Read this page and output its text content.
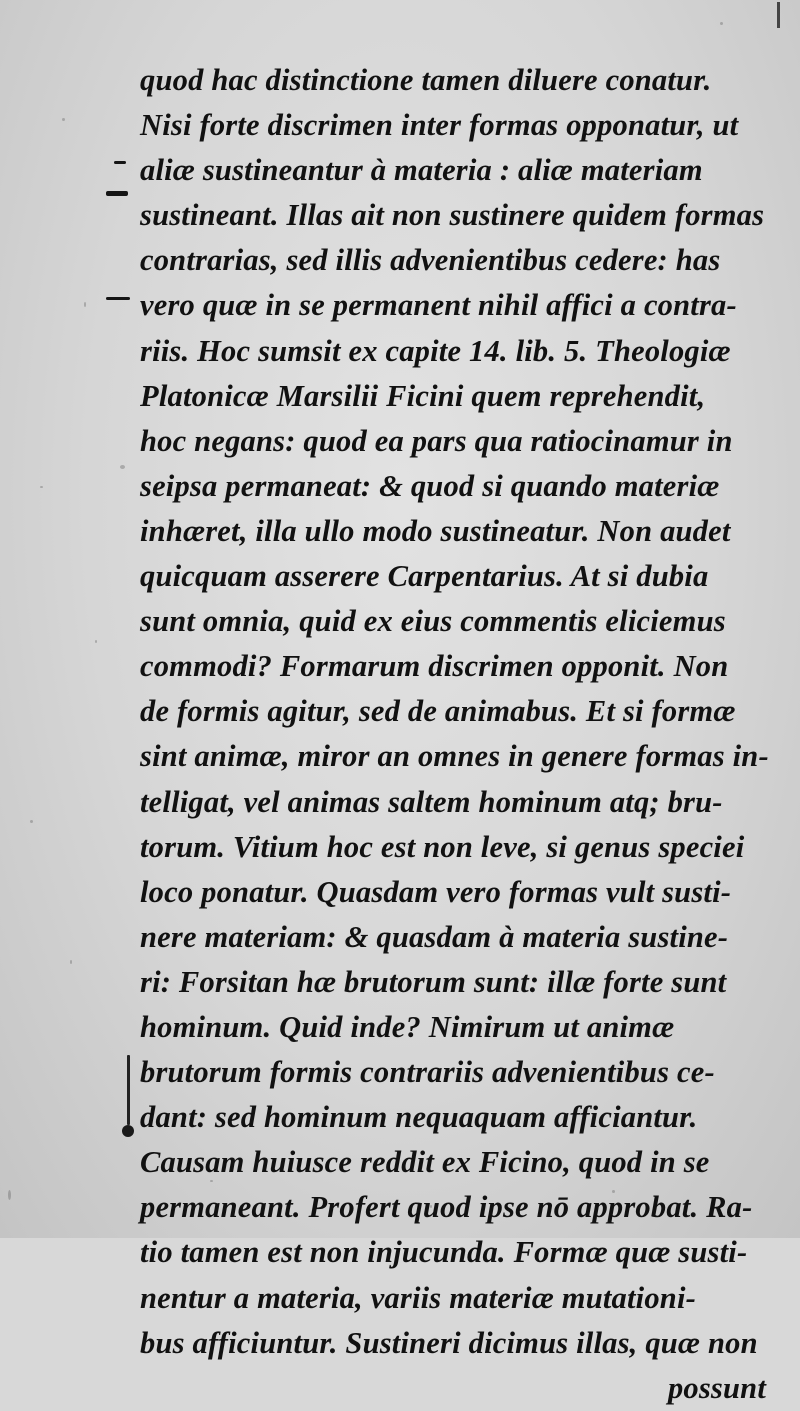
quod hac distinctione tamen diluere conatur.
Nisi forte discrimen inter formas opponatur, ut
aliæ sustineantur à materia : aliæ materiam
sustineant. Illas ait non sustinere quidem formas
contrarias, sed illis advenientibus cedere: has
vero quæ in se permanent nihil affici a contra-
riis. Hoc sumsit ex capite 14. lib. 5. Theologiæ
Platonicæ Marsilii Ficini quem reprehendit,
hoc negans: quod ea pars qua ratiocinamur in
seipsa permaneat: & quod si quando materiæ
inhæret, illa ullo modo sustineatur. Non audet
quicquam asserere Carpentarius. At si dubia
sunt omnia, quid ex eius commentis eliciemus
commodi? Formarum discrimen opponit. Non
de formis agitur, sed de animabus. Et si formæ
sint animæ, miror an omnes in genere formas in-
telligat, vel animas saltem hominum atq; bru-
torum. Vitium hoc est non leve, si genus speciei
loco ponatur. Quasdam vero formas vult susti-
nere materiam: & quasdam à materia sustine-
ri: Forsitan hæ brutorum sunt: illæ forte sunt
hominum. Quid inde? Nimirum ut animæ
brutorum formis contrariis advenientibus ce-
dant: sed hominum nequaquam afficiantur.
Causam huiusce reddit ex Ficino, quod in se
permaneant. Profert quod ipse nō approbat. Ra-
tio tamen est non injucunda. Formæ quæ susti-
nentur a materia, variis materiæ mutationi-
bus afficiuntur. Sustineri dicimus illas, quæ non
possunt
